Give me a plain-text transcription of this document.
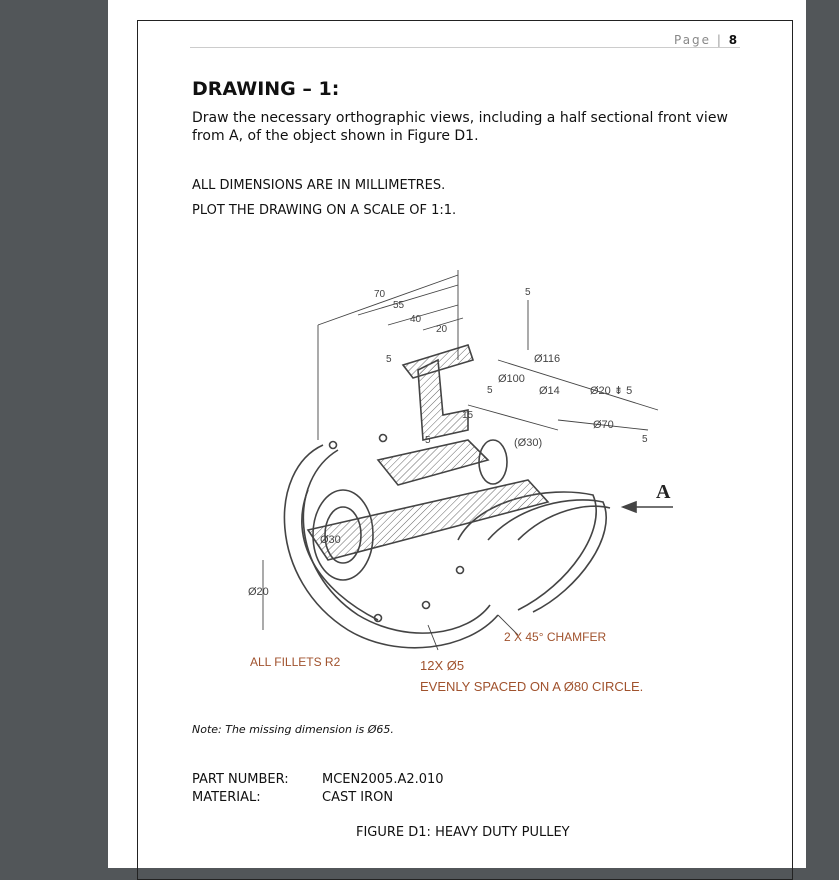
Page | 8
DRAWING – 1:
Draw the necessary orthographic views, including a half sectional front view
from A, of the object shown in Figure D1.
ALL DIMENSIONS ARE IN MILLIMETRES.
PLOT THE DRAWING ON A SCALE OF 1:1.
70
55
40
20
5
5
5
5
15
5
Ø116
Ø100
Ø14	Ø20 ⇟ 5
Ø70
(Ø30)
Ø30
Ø20
A
2 X 45° CHAMFER
ALL FILLETS R2	12X Ø5
EVENLY SPACED ON A Ø80 CIRCLE.
Note: The missing dimension is Ø65.
PART NUMBER:	MCEN2005.A2.010
MATERIAL:	CAST IRON
FIGURE D1: HEAVY DUTY PULLEY
